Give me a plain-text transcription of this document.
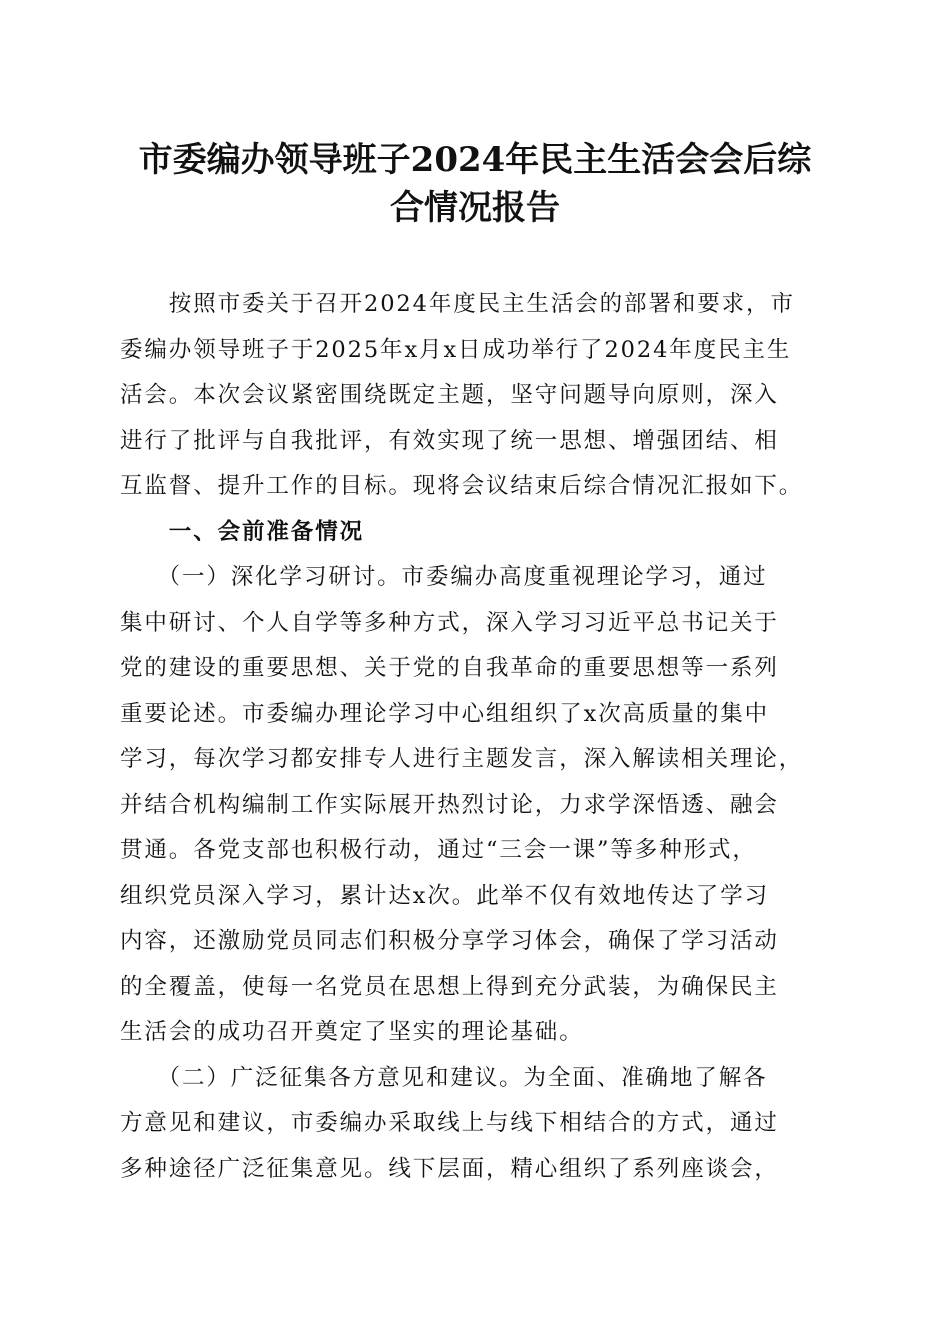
市委编办领导班子2024年民主生活会会后综
合情况报告

　　按照市委关于召开2024年度民主生活会的部署和要求，市
委编办领导班子于2025年x月x日成功举行了2024年度民主生
活会。本次会议紧密围绕既定主题，坚守问题导向原则，深入
进行了批评与自我批评，有效实现了统一思想、增强团结、相
互监督、提升工作的目标。现将会议结束后综合情况汇报如下。

　　一、会前准备情况

　　（一）深化学习研讨。市委编办高度重视理论学习，通过
集中研讨、个人自学等多种方式，深入学习习近平总书记关于
党的建设的重要思想、关于党的自我革命的重要思想等一系列
重要论述。市委编办理论学习中心组组织了x次高质量的集中
学习，每次学习都安排专人进行主题发言，深入解读相关理论，
并结合机构编制工作实际展开热烈讨论，力求学深悟透、融会
贯通。各党支部也积极行动，通过“三会一课”等多种形式，
组织党员深入学习，累计达x次。此举不仅有效地传达了学习
内容，还激励党员同志们积极分享学习体会，确保了学习活动
的全覆盖，使每一名党员在思想上得到充分武装，为确保民主
生活会的成功召开奠定了坚实的理论基础。

　　（二）广泛征集各方意见和建议。为全面、准确地了解各
方意见和建议，市委编办采取线上与线下相结合的方式，通过
多种途径广泛征集意见。线下层面，精心组织了系列座谈会，
